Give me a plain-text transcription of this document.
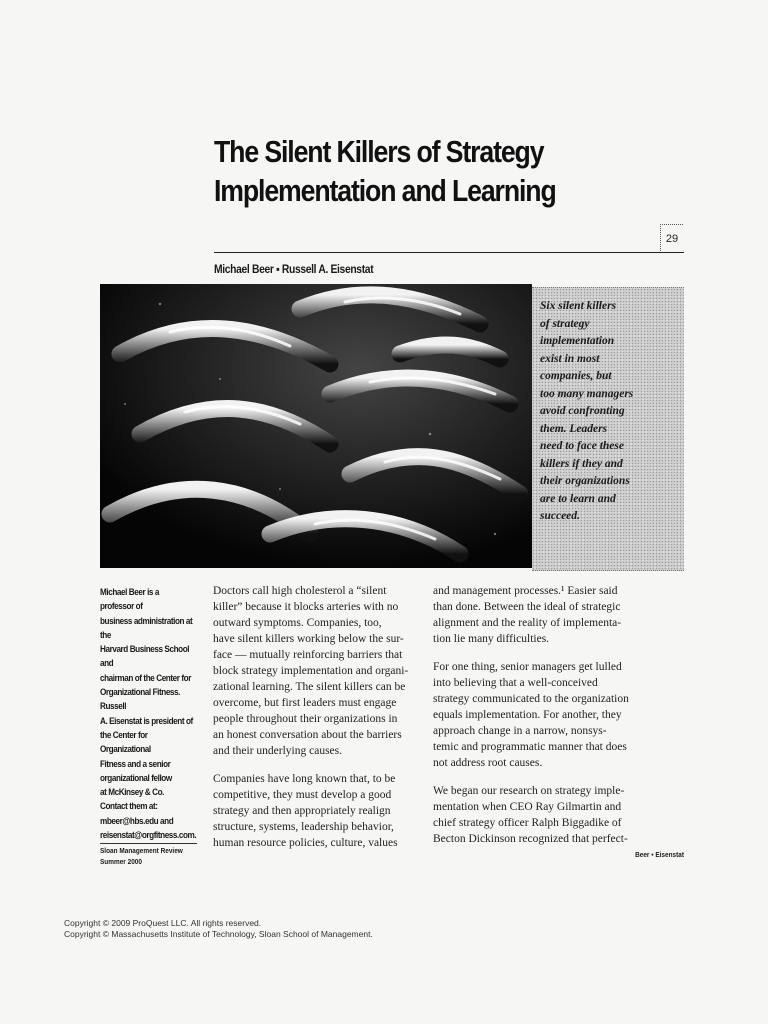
The Silent Killers of Strategy
Implementation and Learning
29
Michael Beer ▪ Russell A. Eisenstat
Six silent killers
of strategy
implementation
exist in most
companies, but
too many managers
avoid confronting
them. Leaders
need to face these
killers if they and
their organizations
are to learn and
succeed.
Michael Beer is a professor of
business administration at the
Harvard Business School and
chairman of the Center for
Organizational Fitness. Russell
A. Eisenstat is president of
the Center for Organizational
Fitness and a senior
organizational fellow
at McKinsey & Co.
Contact them at:
mbeer@hbs.edu and
reisenstat@orgfitness.com.
Doctors call high cholesterol a “silent
killer” because it blocks arteries with no
outward symptoms. Companies, too,
have silent killers working below the sur-
face — mutually reinforcing barriers that
block strategy implementation and organi-
zational learning. The silent killers can be
overcome, but first leaders must engage
people throughout their organizations in
an honest conversation about the barriers
and their underlying causes.
Companies have long known that, to be
competitive, they must develop a good
strategy and then appropriately realign
structure, systems, leadership behavior,
human resource policies, culture, values
and management processes.¹ Easier said
than done. Between the ideal of strategic
alignment and the reality of implementa-
tion lie many difficulties.
For one thing, senior managers get lulled
into believing that a well-conceived
strategy communicated to the organization
equals implementation. For another, they
approach change in a narrow, nonsys-
temic and programmatic manner that does
not address root causes.
We began our research on strategy imple-
mentation when CEO Ray Gilmartin and
chief strategy officer Ralph Biggadike of
Becton Dickinson recognized that perfect-
Sloan Management Review
Summer 2000
Beer ▪ Eisenstat
Copyright © 2009 ProQuest LLC. All rights reserved.
Copyright © Massachusetts Institute of Technology, Sloan School of Management.
